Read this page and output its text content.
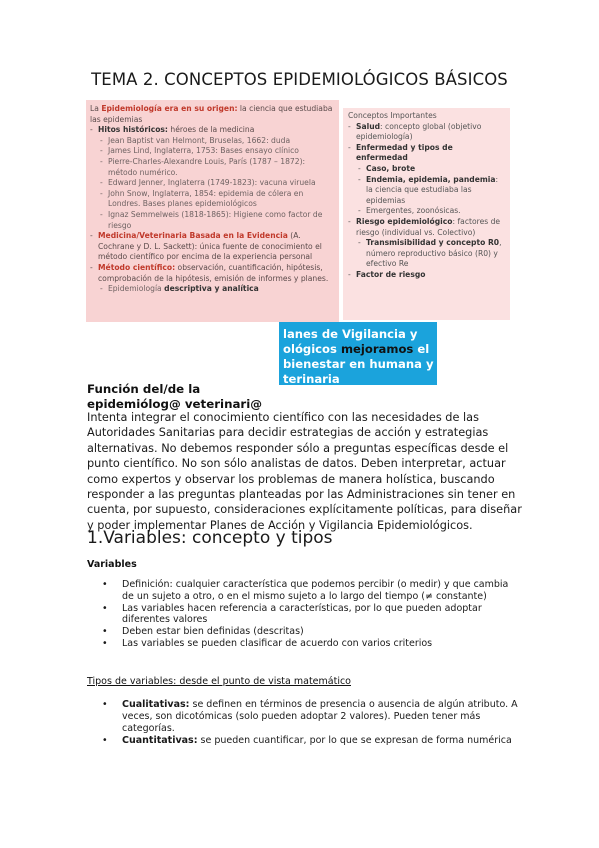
TEMA 2. CONCEPTOS EPIDEMIOLÓGICOS BÁSICOS
La Epidemiología era en su origen: la ciencia que estudiaba las epidemias
- Hitos históricos: héroes de la medicina
- Jean Baptist van Helmont, Bruselas, 1662: duda
- James Lind, Inglaterra, 1753: Bases ensayo clínico
- Pierre-Charles-Alexandre Louis, París (1787 – 1872): método numérico.
- Edward Jenner, Inglaterra (1749-1823): vacuna viruela
- John Snow, Inglaterra, 1854: epidemia de cólera en Londres. Bases planes epidemiológicos
- Ignaz Semmelweis (1818-1865): Higiene como factor de riesgo
- Medicina/Veterinaria Basada en la Evidencia (A. Cochrane y D. L. Sackett): única fuente de conocimiento el método científico por encima de la experiencia personal
- Método científico: observación, cuantificación, hipótesis, comprobación de la hipótesis, emisión de informes y planes.
- Epidemiología descriptiva y analítica
Conceptos Importantes
- Salud: concepto global (objetivo epidemiología)
- Enfermedad y tipos de enfermedad
- Caso, brote
- Endemia, epidemia, pandemia: la ciencia que estudiaba las epidemias
- Emergentes, zoonósicas.
- Riesgo epidemiológico: factores de riesgo (individual vs. Colectivo)
- Transmisibilidad y concepto R0, número reproductivo básico (R0) y efectivo Re
- Factor de riesgo
lanes de Vigilancia y
ológicos mejoramos el
bienestar en humana y
terinaria
Función del/de la
epidemiólog@ veterinari@
Intenta integrar el conocimiento científico con las necesidades de las Autoridades Sanitarias para decidir estrategias de acción y estrategias alternativas. No debemos responder sólo a preguntas específicas desde el punto científico. No son sólo analistas de datos. Deben interpretar, actuar como expertos y observar los problemas de manera holística, buscando responder a las preguntas planteadas por las Administraciones sin tener en cuenta, por supuesto, consideraciones explícitamente políticas, para diseñar y poder implementar Planes de Acción y Vigilancia Epidemiológicos.
1.Variables: concepto y tipos
Variables
• Definición: cualquier característica que podemos percibir (o medir) y que cambia de un sujeto a otro, o en el mismo sujeto a lo largo del tiempo (≠ constante)
• Las variables hacen referencia a características, por lo que pueden adoptar diferentes valores
• Deben estar bien definidas (descritas)
• Las variables se pueden clasificar de acuerdo con varios criterios
Tipos de variables: desde el punto de vista matemático
• Cualitativas: se definen en términos de presencia o ausencia de algún atributo. A veces, son dicotómicas (solo pueden adoptar 2 valores). Pueden tener más categorías.
• Cuantitativas: se pueden cuantificar, por lo que se expresan de forma numérica
